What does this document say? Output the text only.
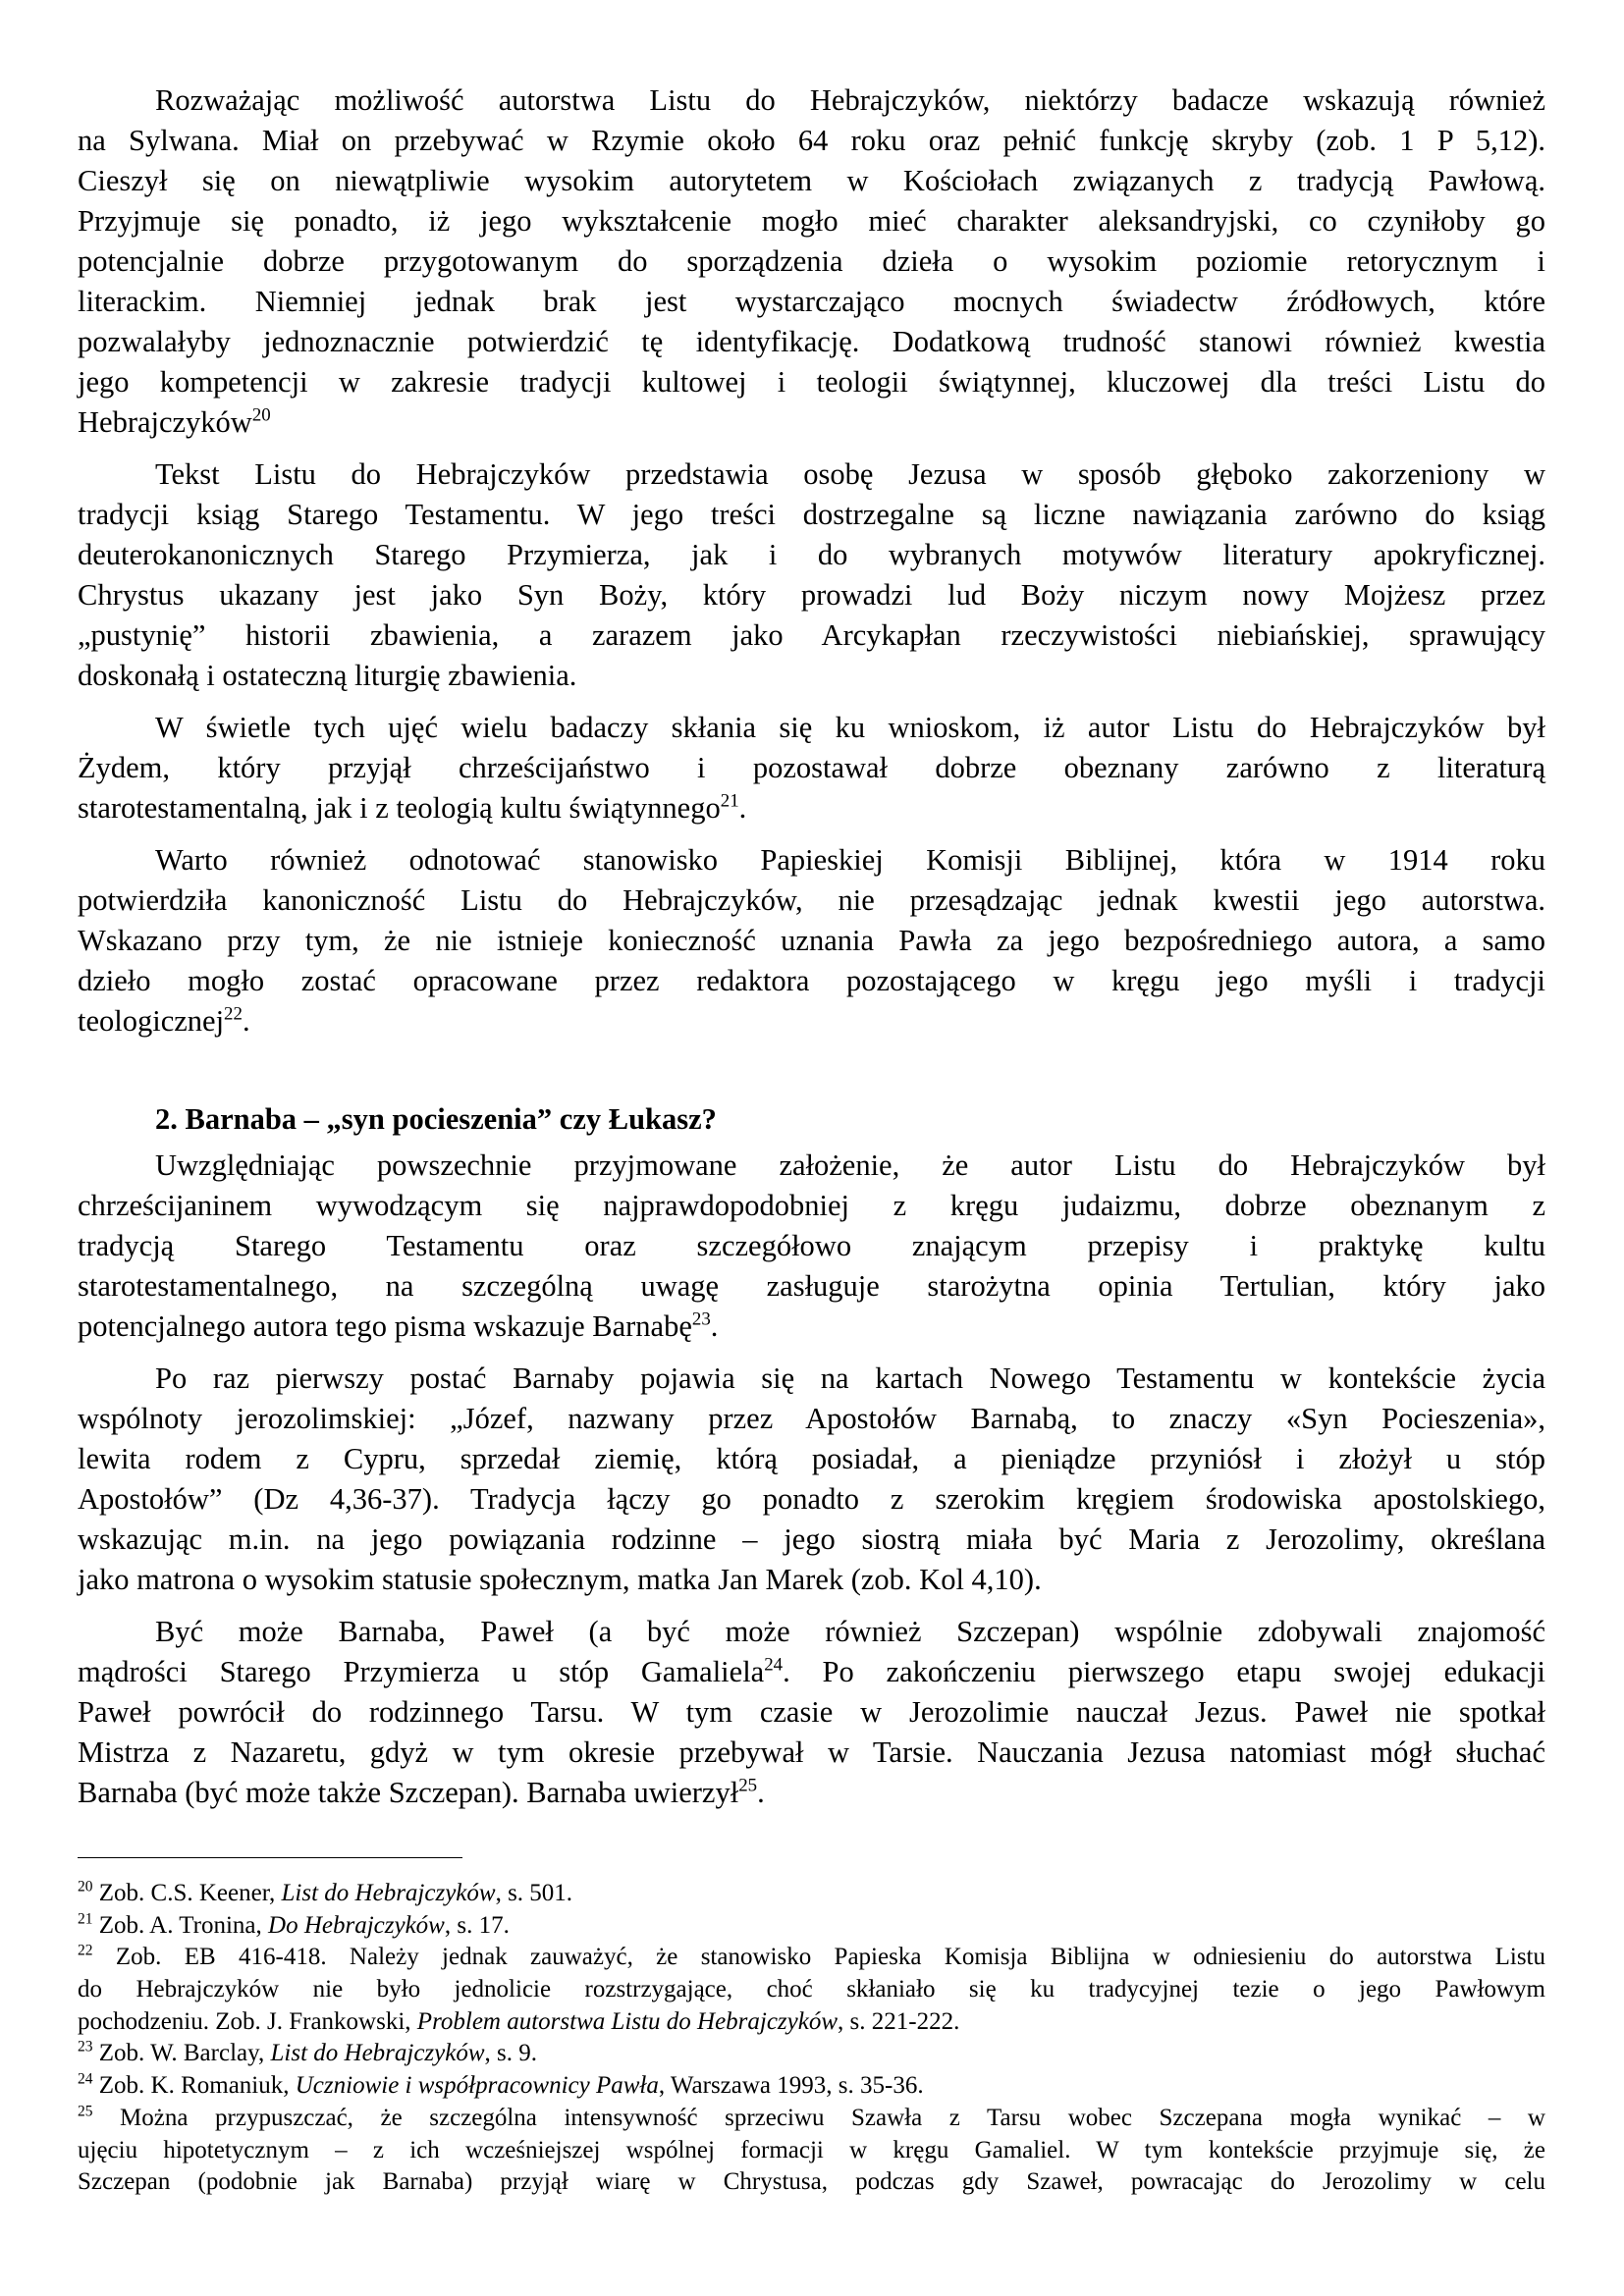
Rozważając możliwość autorstwa Listu do Hebrajczyków, niektórzy badacze wskazują również
na Sylwana. Miał on przebywać w Rzymie około 64 roku oraz pełnić funkcję skryby (zob. 1 P 5,12).
Cieszył się on niewątpliwie wysokim autorytetem w Kościołach związanych z tradycją Pawłową.
Przyjmuje się ponadto, iż jego wykształcenie mogło mieć charakter aleksandryjski, co czyniłoby go
potencjalnie dobrze przygotowanym do sporządzenia dzieła o wysokim poziomie retorycznym i
literackim. Niemniej jednak brak jest wystarczająco mocnych świadectw źródłowych, które
pozwalałyby jednoznacznie potwierdzić tę identyfikację. Dodatkową trudność stanowi również kwestia
jego kompetencji w zakresie tradycji kultowej i teologii świątynnej, kluczowej dla treści Listu do
Hebrajczyków$^{20}$
Tekst Listu do Hebrajczyków przedstawia osobę Jezusa w sposób głęboko zakorzeniony w
tradycji ksiąg Starego Testamentu. W jego treści dostrzegalne są liczne nawiązania zarówno do ksiąg
deuterokanonicznych Starego Przymierza, jak i do wybranych motywów literatury apokryficznej.
Chrystus ukazany jest jako Syn Boży, który prowadzi lud Boży niczym nowy Mojżesz przez
„pustynię” historii zbawienia, a zarazem jako Arcykapłan rzeczywistości niebiańskiej, sprawujący
doskonałą i ostateczną liturgię zbawienia.
W świetle tych ujęć wielu badaczy skłania się ku wnioskom, iż autor Listu do Hebrajczyków był
Żydem, który przyjął chrześcijaństwo i pozostawał dobrze obeznany zarówno z literaturą
starotestamentalną, jak i z teologią kultu świątynnego$^{21}$.
Warto również odnotować stanowisko Papieskiej Komisji Biblijnej, która w 1914 roku
potwierdziła kanoniczność Listu do Hebrajczyków, nie przesądzając jednak kwestii jego autorstwa.
Wskazano przy tym, że nie istnieje konieczność uznania Pawła za jego bezpośredniego autora, a samo
dzieło mogło zostać opracowane przez redaktora pozostającego w kręgu jego myśli i tradycji
teologicznej$^{22}$.
2. Barnaba – „syn pocieszenia” czy Łukasz?
Uwzględniając powszechnie przyjmowane założenie, że autor Listu do Hebrajczyków był
chrześcijaninem wywodzącym się najprawdopodobniej z kręgu judaizmu, dobrze obeznanym z
tradycją Starego Testamentu oraz szczegółowo znającym przepisy i praktykę kultu
starotestamentalnego, na szczególną uwagę zasługuje starożytna opinia Tertulian, który jako
potencjalnego autora tego pisma wskazuje Barnabę$^{23}$.
Po raz pierwszy postać Barnaby pojawia się na kartach Nowego Testamentu w kontekście życia
wspólnoty jerozolimskiej: „Józef, nazwany przez Apostołów Barnabą, to znaczy «Syn Pocieszenia»,
lewita rodem z Cypru, sprzedał ziemię, którą posiadał, a pieniądze przyniósł i złożył u stóp
Apostołów” (Dz 4,36-37). Tradycja łączy go ponadto z szerokim kręgiem środowiska apostolskiego,
wskazując m.in. na jego powiązania rodzinne – jego siostrą miała być Maria z Jerozolimy, określana
jako matrona o wysokim statusie społecznym, matka Jan Marek (zob. Kol 4,10).
Być może Barnaba, Paweł (a być może również Szczepan) wspólnie zdobywali znajomość
mądrości Starego Przymierza u stóp Gamaliela$^{24}$. Po zakończeniu pierwszego etapu swojej edukacji
Paweł powrócił do rodzinnego Tarsu. W tym czasie w Jerozolimie nauczał Jezus. Paweł nie spotkał
Mistrza z Nazaretu, gdyż w tym okresie przebywał w Tarsie. Nauczania Jezusa natomiast mógł słuchać
Barnaba (być może także Szczepan). Barnaba uwierzył$^{25}$.
$^{20}$ Zob. C.S. Keener, List do Hebrajczyków, s. 501.
$^{21}$ Zob. A. Tronina, Do Hebrajczyków, s. 17.
$^{22}$ Zob. EB 416-418. Należy jednak zauważyć, że stanowisko Papieska Komisja Biblijna w odniesieniu do autorstwa Listu
do Hebrajczyków nie było jednolicie rozstrzygające, choć skłaniało się ku tradycyjnej tezie o jego Pawłowym
pochodzeniu. Zob. J. Frankowski, Problem autorstwa Listu do Hebrajczyków, s. 221-222.
$^{23}$ Zob. W. Barclay, List do Hebrajczyków, s. 9.
$^{24}$ Zob. K. Romaniuk, Uczniowie i współpracownicy Pawła, Warszawa 1993, s. 35-36.
$^{25}$ Można przypuszczać, że szczególna intensywność sprzeciwu Szawła z Tarsu wobec Szczepana mogła wynikać – w
ujęciu hipotetycznym – z ich wcześniejszej wspólnej formacji w kręgu Gamaliel. W tym kontekście przyjmuje się, że
Szczepan (podobnie jak Barnaba) przyjął wiarę w Chrystusa, podczas gdy Szaweł, powracając do Jerozolimy w celu
